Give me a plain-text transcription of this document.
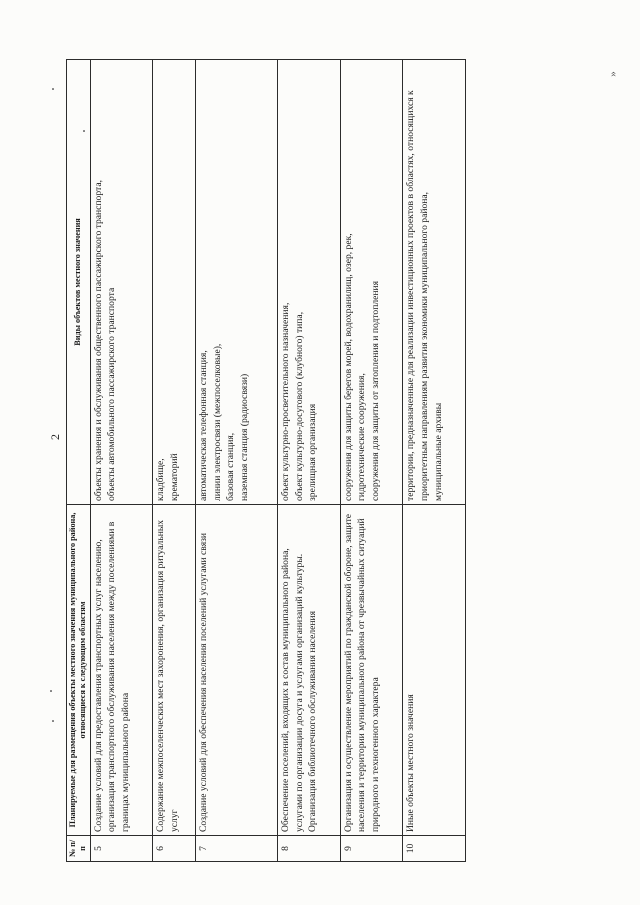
2
»
№ п/п	Планируемые для размещения объекты местного значения муниципального района, относящиеся к следующим областям	Виды объектов местного значения
5	Создание условий для предоставления транспортных услуг населению, организация транспортного обслуживания населения между поселениями в границах муниципального района	объекты хранения и обслуживания общественного пассажирского транспорта, объекты автомобильного пассажирского транспорта

6	Содержание межпоселенческих мест захоронения, организация ритуальных услуг	кладбище, крематорий

7	Создание условий для обеспечения населения поселений услугами связи	автоматическая телефонная станция, линии электросвязи (межпоселковые), базовая станция, наземная станция (радиосвязи)

8	Обеспечение поселений, входящих в состав муниципального района, услугами по организации досуга и услугами организаций культуры. Организация библиотечного обслуживания населения	объект культурно-просветительного назначения, объект культурно-досугового (клубного) типа, зрелищная организация

9	Организация и осуществление мероприятий по гражданской обороне, защите населения и территории муниципального района от чрезвычайных ситуаций природного и техногенного характера	сооружения для защиты берегов морей, водохранилищ, озер, рек, гидротехнические сооружения, сооружения для защиты от затопления и подтопления

10	Иные объекты местного значения	территории, предназначенные для реализации инвестиционных проектов в областях, относящихся к приоритетным направлениям развития экономики муниципального района, муниципальные архивы
